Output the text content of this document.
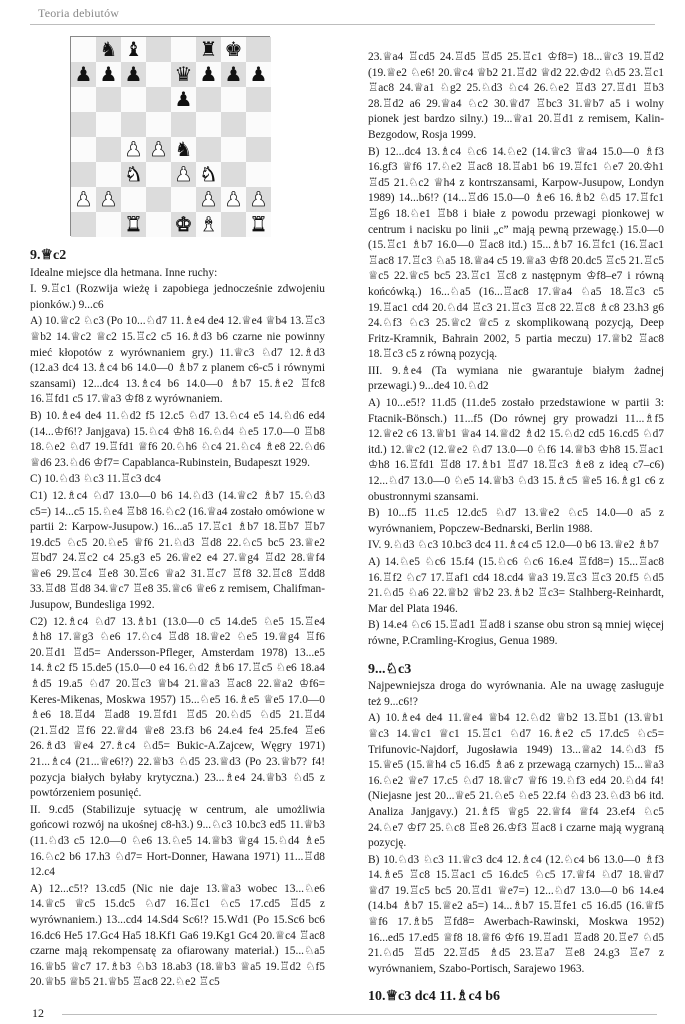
Teoria debiutów
♞ ♝	♜ ♚
♟ ♟ ♟ ♛ ♟ ♟ ♟
♟
♟ ♟ ♞
♞ ♟ ♞
♟ ♟	♟ ♟ ♟
♜ ♚ ♝ ♜
9.♕c2

Idealne miejsce dla hetmana. Inne ruchy:

I. 9.♖c1 (Rozwija wieżę i zapobiega jednocześnie zdwojeniu pionków.) 9...c6

A) 10.♕c2 ♘c3 (Po 10...♘d7 11.♗e4 de4 12.♕e4 ♕b4 13.♖c3 ♕b2 14.♕c2 ♕c2 15.♖c2 c5 16.♗d3 b6 czarne nie powinny mieć kłopotów z wyrównaniem gry.) 11.♕c3 ♘d7 12.♗d3 (12.a3 dc4 13.♗c4 b6 14.0—0 ♗b7 z planem c6-c5 i równymi szansami) 12...dc4 13.♗c4 b6 14.0—0 ♗b7 15.♗e2 ♖fc8 16.♖fd1 c5 17.♕a3 ♔f8 z wyrównaniem.

B) 10.♗e4 de4 11.♘d2 f5 12.c5 ♘d7 13.♘c4 e5 14.♘d6 ed4 (14...♔f6!? Janjgava) 15.♘c4 ♔h8 16.♘d4 ♘e5 17.0—0 ♖b8 18.♘e2 ♘d7 19.♖fd1 ♕f6 20.♘h6 ♘c4 21.♘c4 ♗e8 22.♘d6 ♕d6 23.♘d6 ♔f7= Capablanca-Rubinstein, Budapeszt 1929.

C) 10.♘d3 ♘c3 11.♖c3 dc4

C1) 12.♗c4 ♘d7 13.0—0 b6 14.♘d3 (14.♕c2 ♗b7 15.♘d3 c5=) 14...c5 15.♘e4 ♖b8 16.♘c2 (16.♕a4 zostało omówione w partii 2: Karpow-Jusupow.) 16...a5 17.♖c1 ♗b7 18.♖b7 ♖b7 19.dc5 ♘c5 20.♘e5 ♕f6 21.♘d3 ♖d8 22.♘c5 bc5 23.♕e2 ♖bd7 24.♖c2 c4 25.g3 e5 26.♕e2 e4 27.♕g4 ♖d2 28.♕f4 ♕e6 29.♖c4 ♖e8 30.♖c6 ♕a2 31.♖c7 ♖f8 32.♖c8 ♖dd8 33.♖d8 ♖d8 34.♕c7 ♖e8 35.♕c6 ♕e6 z remisem, Chalifman-Jusupow, Bundesliga 1992.

C2) 12.♗c4 ♘d7 13.♗b1 (13.0—0 c5 14.de5 ♘e5 15.♖e4 ♗h8 17.♕g3 ♘e6 17.♘c4 ♖d8 18.♕e2 ♘e5 19.♕g4 ♖f6 20.♖d1 ♖d5= Andersson-Pfleger, Amsterdam 1978) 13...e5 14.♗c2 f5 15.de5 (15.0—0 e4 16.♘d2 ♗b6 17.♖c5 ♘e6 18.a4 ♗d5 19.a5 ♘d7 20.♖c3 ♕b4 21.♕a3 ♖ac8 22.♕a2 ♔f6= Keres-Mikenas, Moskwa 1957) 15...♘e5 16.♗e5 ♕e5 17.0—0 ♗e6 18.♖d4 ♖ad8 19.♖fd1 ♖d5 20.♘d5 ♘d5 21.♖d4 (21.♖d2 ♖f6 22.♕d4 ♕e8 23.f3 b6 24.e4 fe4 25.fe4 ♖e6 26.♗d3 ♕e4 27.♗c4 ♘d5= Bukic-A.Zajcew, Węgry 1971) 21...♗c4 (21...♕e6!?) 22.♕b3 ♘d5 23.♕d3 (Po 23.♕b7? f4! pozycja białych byłaby krytyczna.) 23...♗e4 24.♕b3 ♘d5 z powtórzeniem posunięć.

II. 9.cd5 (Stabilizuje sytuację w centrum, ale umożliwia gońcowi rozwój na ukośnej c8-h3.) 9...♘c3 10.bc3 ed5 11.♕b3 (11.♘d3 c5 12.0—0 ♘e6 13.♘e5 14.♕b3 ♕g4 15.♘d4 ♗e5 16.♘c2 b6 17.h3 ♘d7= Hort-Donner, Hawana 1971) 11...♖d8 12.c4

A) 12...c5!? 13.cd5 (Nic nie daje 13.♕a3 wobec 13...♘e6 14.♕c5 ♕c5 15.dc5 ♘d7 16.♖c1 ♘c5 17.cd5 ♖d5 z wyrównaniem.) 13...cd4 14.Sd4 Sc6!? 15.Wd1 (Po 15.Sc6 bc6 16.dc6 He5 17.Gc4 Ha5 18.Kf1 Ga6 19.Kg1 Gc4 20.♕c4 ♖ac8 czarne mają rekompensatę za ofiarowany materiał.) 15...♘a5 16.♕b5 ♕c7 17.♗b3 ♘b3 18.ab3 (18.♕b3 ♕a5 19.♖d2 ♘f5 20.♕b5 ♕b5 21.♕b5 ♖ac8 22.♘e2 ♖c5

23.♕a4 ♖cd5 24.♖d5 ♖d5 25.♖c1 ♔f8=) 18...♕c3 19.♖d2 (19.♕e2 ♘e6! 20.♕c4 ♕b2 21.♖d2 ♕d2 22.♔d2 ♘d5 23.♖c1 ♖ac8 24.♕a1 ♘g2 25.♘d3 ♘c4 26.♘e2 ♖d3 27.♖d1 ♖b3 28.♖d2 a6 29.♕a4 ♘c2 30.♕d7 ♖bc3 31.♕b7 a5 i wolny pionek jest bardzo silny.) 19...♕a1 20.♖d1 z remisem, Kalin-Bezgodow, Rosja 1999.

B) 12...dc4 13.♗c4 ♘c6 14.♘e2 (14.♕c3 ♕a4 15.0—0 ♗f3 16.gf3 ♕f6 17.♘e2 ♖ac8 18.♖ab1 b6 19.♖fc1 ♘e7 20.♔h1 ♖d5 21.♘c2 ♕h4 z kontrszansami, Karpow-Jusupow, Londyn 1989) 14...b6!? (14...♖d6 15.0—0 ♗e6 16.♗b2 ♘d5 17.♖fc1 ♖g6 18.♘e1 ♖b8 i białe z powodu przewagi pionkowej w centrum i nacisku po linii „c” mają pewną przewagę.) 15.0—0 (15.♖c1 ♗b7 16.0—0 ♖ac8 itd.) 15...♗b7 16.♖fc1 (16.♖ac1 ♖ac8 17.♖c3 ♘a5 18.♕a4 c5 19.♕a3 ♔f8 20.dc5 ♖c5 21.♖c5 ♕c5 22.♕c5 bc5 23.♖c1 ♖c8 z następnym ♔f8–e7 i równą końcówką.) 16...♘a5 (16...♖ac8 17.♕a4 ♘a5 18.♖c3 c5 19.♖ac1 cd4 20.♘d4 ♖c3 21.♖c3 ♖c8 22.♖c8 ♗c8 23.h3 g6 24.♘f3 ♘c3 25.♕c2 ♕c5 z skomplikowaną pozycją, Deep Fritz-Kramnik, Bahrain 2002, 5 partia meczu) 17.♕b2 ♖ac8 18.♖c3 c5 z równą pozycją.

III. 9.♗e4 (Ta wymiana nie gwarantuje białym żadnej przewagi.) 9...de4 10.♘d2

A) 10...e5!? 11.d5 (11.de5 zostało przedstawione w partii 3: Ftacnik-Bönsch.) 11...f5 (Do równej gry prowadzi 11...♗f5 12.♕e2 c6 13.♕b1 ♕a4 14.♕d2 ♗d2 15.♘d2 cd5 16.cd5 ♘d7 itd.) 12.♕c2 (12.♕e2 ♘d7 13.0—0 ♘f6 14.♕b3 ♔h8 15.♖ac1 ♔h8 16.♖fd1 ♖d8 17.♗b1 ♖d7 18.♖c3 ♗e8 z ideą c7–c6) 12...♘d7 13.0—0 ♘e5 14.♕b3 ♘d3 15.♗c5 ♕e5 16.♗g1 c6 z obustronnymi szansami.

B) 10...f5 11.c5 12.dc5 ♘d7 13.♕e2 ♘c5 14.0—0 a5 z wyrównaniem, Popczew-Bednarski, Berlin 1988.

IV. 9.♘d3 ♘c3 10.bc3 dc4 11.♗c4 c5 12.0—0 b6 13.♕e2 ♗b7

A) 14.♘e5 ♘c6 15.f4 (15.♘c6 ♘c6 16.e4 ♖fd8=) 15...♖ac8 16.♖f2 ♘c7 17.♖af1 cd4 18.cd4 ♕a3 19.♖c3 ♖c3 20.f5 ♘d5 21.♘d5 ♘a6 22.♕b2 ♕b2 23.♗b2 ♖c3= Stalhberg-Reinhardt, Mar del Plata 1946.

B) 14.e4 ♘c6 15.♖ad1 ♖ad8 i szanse obu stron są mniej więcej równe, P.Cramling-Krogius, Genua 1989.

9...♘c3

Najpewniejsza droga do wyrównania. Ale na uwagę zasługuje też 9...c6!?

A) 10.♗e4 de4 11.♕e4 ♕b4 12.♘d2 ♕b2 13.♖b1 (13.♕b1 ♕c3 14.♕c1 ♕c1 15.♖c1 ♘d7 16.♗e2 c5 17.dc5 ♘c5= Trifunovic-Najdorf, Jugosławia 1949) 13...♕a2 14.♘d3 f5 15.♕e5 (15.♕h4 c5 16.d5 ♗a6 z przewagą czarnych) 15...♕a3 16.♘e2 ♕e7 17.c5 ♘d7 18.♕c7 ♕f6 19.♘f3 ed4 20.♘d4 f4! (Niejasne jest 20...♕e5 21.♘e5 ♘e5 22.f4 ♘d3 23.♘d3 b6 itd. Analiza Janjgavy.) 21.♗f5 ♕g5 22.♕f4 ♕f4 23.ef4 ♘c5 24.♘e7 ♔f7 25.♘c8 ♖e8 26.♔f3 ♖ac8 i czarne mają wygraną pozycję.

B) 10.♘d3 ♘c3 11.♕c3 dc4 12.♗c4 (12.♘c4 b6 13.0—0 ♗f3 14.♗e5 ♖c8 15.♖ac1 c5 16.dc5 ♘c5 17.♕f4 ♘d7 18.♕d7 ♕d7 19.♖c5 bc5 20.♖d1 ♕e7=) 12...♘d7 13.0—0 b6 14.e4 (14.b4 ♗b7 15.♕e2 a5=) 14...♗b7 15.♖fe1 c5 16.d5 (16.♕f5 ♕f6 17.♗b5 ♖fd8= Awerbach-Rawinski, Moskwa 1952) 16...ed5 17.ed5 ♕f8 18.♕f6 ♔f6 19.♖ad1 ♖ad8 20.♖e7 ♘d5 21.♘d5 ♖d5 22.♖d5 ♗d5 23.♖a7 ♖e8 24.g3 ♖e7 z wyrównaniem, Szabo-Portisch, Sarajewo 1963.

10.♕c3 dc4 11.♗c4 b6
12
